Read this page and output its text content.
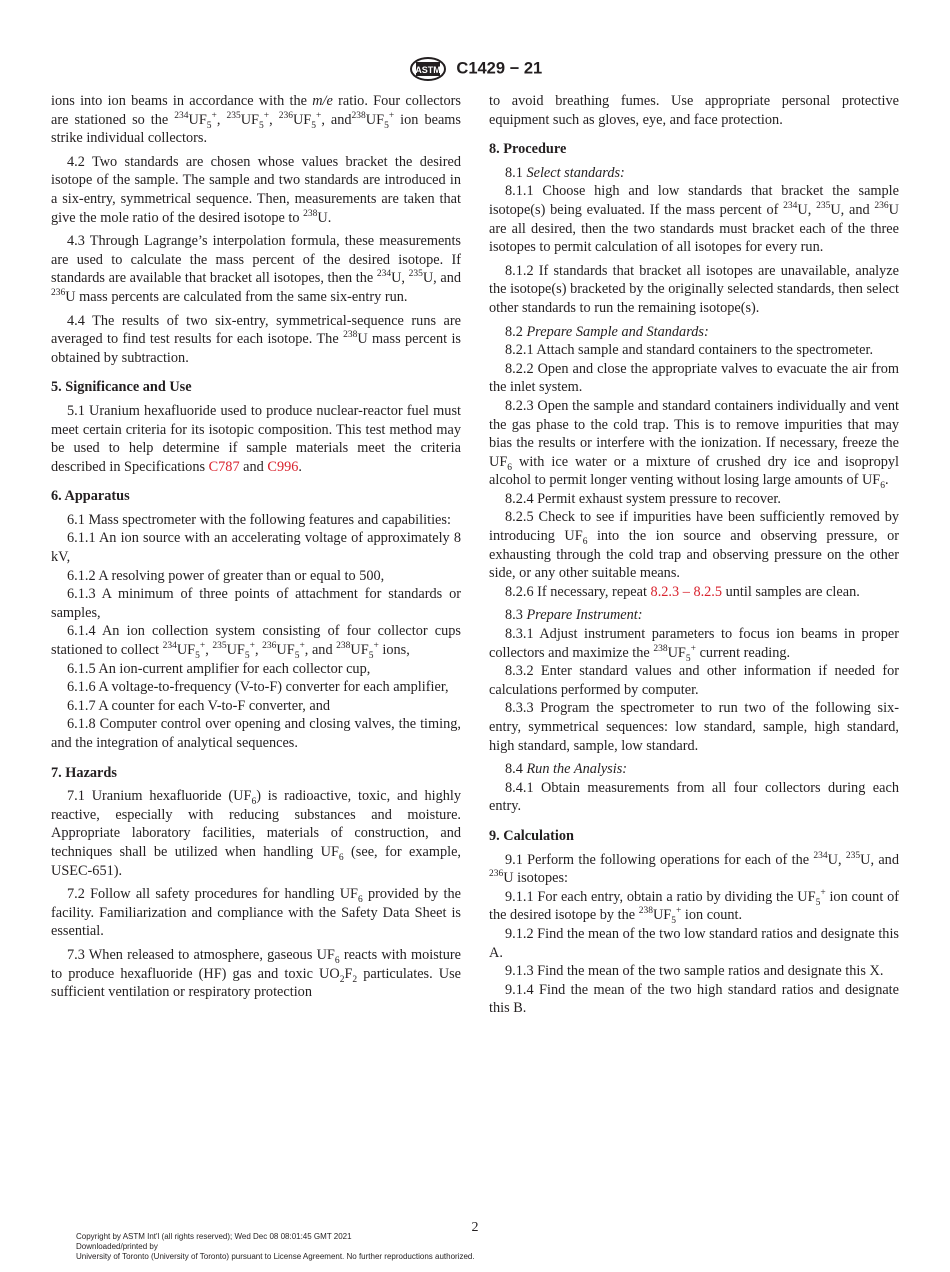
ASTM C1429 − 21

ions into ion beams in accordance with the m/e ratio. Four collectors are stationed so the $^{234}UF_5^+$, $^{235}UF_5^+$, $^{236}UF_5^+$, $and^{238}UF_5^+$ ion beams strike individual collectors.

4.2 Two standards are chosen whose values bracket the desired isotope of the sample. The sample and two standards are introduced in a six-entry, symmetrical sequence. Then, measurements are taken that give the mole ratio of the desired isotope to $^{238}$U.

4.3 Through Lagrange’s interpolation formula, these measurements are used to calculate the mass percent of the desired isotope. If standards are available that bracket all isotopes, then the $^{234}$U, $^{235}$U, and $^{236}$U mass percents are calculated from the same six-entry run.

4.4 The results of two six-entry, symmetrical-sequence runs are averaged to find test results for each isotope. The $^{238}$U mass percent is obtained by subtraction.

5. Significance and Use

5.1 Uranium hexafluoride used to produce nuclear-reactor fuel must meet certain criteria for its isotopic composition. This test method may be used to help determine if sample materials meet the criteria described in Specifications C787 and C996.

6. Apparatus

6.1 Mass spectrometer with the following features and capabilities:

6.1.1 An ion source with an accelerating voltage of approximately 8 kV,

6.1.2 A resolving power of greater than or equal to 500,

6.1.3 A minimum of three points of attachment for standards or samples,

6.1.4 An ion collection system consisting of four collector cups stationed to collect $^{234}UF_5^+$, $^{235}UF_5^+$, $^{236}UF_5^+$, and $^{238}UF_5^+$ ions,

6.1.5 An ion-current amplifier for each collector cup,

6.1.6 A voltage-to-frequency (V-to-F) converter for each amplifier,

6.1.7 A counter for each V-to-F converter, and

6.1.8 Computer control over opening and closing valves, the timing, and the integration of analytical sequences.

7. Hazards

7.1 Uranium hexafluoride $(UF_6)$ is radioactive, toxic, and highly reactive, especially with reducing substances and moisture. Appropriate laboratory facilities, materials of construction, and techniques shall be utilized when handling $UF_6$ (see, for example, USEC-651).

7.2 Follow all safety procedures for handling $UF_6$ provided by the facility. Familiarization and compliance with the Safety Data Sheet is essential.

7.3 When released to atmosphere, gaseous $UF_6$ reacts with moisture to produce hexafluoride (HF) gas and toxic $UO_2F_2$ particulates. Use sufficient ventilation or respiratory protection

to avoid breathing fumes. Use appropriate personal protective equipment such as gloves, eye, and face protection.

8. Procedure

8.1 Select standards:

8.1.1 Choose high and low standards that bracket the sample isotope(s) being evaluated. If the mass percent of $^{234}$U, $^{235}$U, and $^{236}$U are all desired, then the two standards must bracket each of the three isotopes to permit calculation of all isotopes for every run.

8.1.2 If standards that bracket all isotopes are unavailable, analyze the isotope(s) bracketed by the originally selected standards, then select other standards to run the remaining isotope(s).

8.2 Prepare Sample and Standards:

8.2.1 Attach sample and standard containers to the spectrometer.

8.2.2 Open and close the appropriate valves to evacuate the air from the inlet system.

8.2.3 Open the sample and standard containers individually and vent the gas phase to the cold trap. This is to remove impurities that may bias the results or interfere with the ionization. If necessary, freeze the $UF_6$ with ice water or a mixture of crushed dry ice and isopropyl alcohol to permit longer venting without losing large amounts of $UF_6$.

8.2.4 Permit exhaust system pressure to recover.

8.2.5 Check to see if impurities have been sufficiently removed by introducing $UF_6$ into the ion source and observing pressure, or exhausting through the cold trap and observing pressure on the other side, or any other suitable means.

8.2.6 If necessary, repeat 8.2.3 – 8.2.5 until samples are clean.

8.3 Prepare Instrument:

8.3.1 Adjust instrument parameters to focus ion beams in proper collectors and maximize the $^{238}UF_5^+$ current reading.

8.3.2 Enter standard values and other information if needed for calculations performed by computer.

8.3.3 Program the spectrometer to run two of the following six-entry, symmetrical sequences: low standard, sample, high standard, high standard, sample, low standard.

8.4 Run the Analysis:

8.4.1 Obtain measurements from all four collectors during each entry.

9. Calculation

9.1 Perform the following operations for each of the $^{234}$U, $^{235}$U, and $^{236}$U isotopes:

9.1.1 For each entry, obtain a ratio by dividing the $UF_5^+$ ion count of the desired isotope by the $^{238}UF_5^+$ ion count.

9.1.2 Find the mean of the two low standard ratios and designate this A.

9.1.3 Find the mean of the two sample ratios and designate this X.

9.1.4 Find the mean of the two high standard ratios and designate this B.

2
Copyright by ASTM Int'l (all rights reserved); Wed Dec 08 08:01:45 GMT 2021
Downloaded/printed by
University of Toronto (University of Toronto) pursuant to License Agreement. No further reproductions authorized.
